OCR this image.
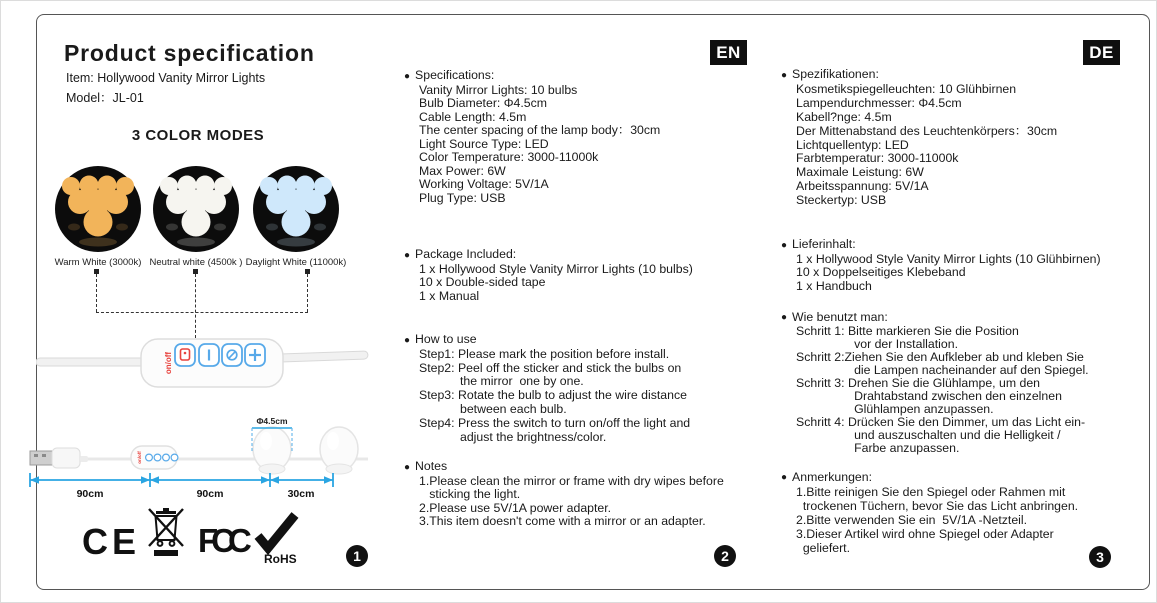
Product specification
Item: Hollywood Vanity Mirror Lights
Model：JL-01
3 COLOR MODES
Warm White (3000k) Neutral white (4500k ) Daylight White (11000k)
on/off
on/off
Φ4.5cm
90cm	90cm	30cm
CE FCC	RoHS	1
EN
● Specifications:
Vanity Mirror Lights: 10 bulbs
Bulb Diameter: Φ4.5cm
Cable Length: 4.5m
The center spacing of the lamp body：30cm
Light Source Type: LED
Color Temperature: 3000-11000k
Max Power: 6W
Working Voltage: 5V/1A
Plug Type: USB
● Package Included:
1 x Hollywood Style Vanity Mirror Lights (10 bulbs)
10 x Double-sided tape
1 x Manual
● How to use
Step1: Please mark the position before install.
Step2: Peel off the sticker and stick the bulbs on
the mirror  one by one.
Step3: Rotate the bulb to adjust the wire distance
between each bulb.
Step4: Press the switch to turn on/off the light and
adjust the brightness/color.
● Notes
1.Please clean the mirror or frame with dry wipes before
sticking the light.
2.Please use 5V/1A power adapter.
3.This item doesn't come with a mirror or an adapter.
2
DE
● Spezifikationen:
Kosmetikspiegelleuchten: 10 Glühbirnen
Lampendurchmesser: Φ4.5cm
Kabell?nge: 4.5m
Der Mittenabstand des Leuchtenkörpers：30cm
Lichtquellentyp: LED
Farbtemperatur: 3000-11000k
Maximale Leistung: 6W
Arbeitsspannung: 5V/1A
Steckertyp: USB
● Lieferinhalt:
1 x Hollywood Style Vanity Mirror Lights (10 Glühbirnen)
10 x Doppelseitiges Klebeband
1 x Handbuch
● Wie benutzt man:
Schritt 1: Bitte markieren Sie die Position
vor der Installation.
Schritt 2:Ziehen Sie den Aufkleber ab und kleben Sie
die Lampen nacheinander auf den Spiegel.
Schritt 3: Drehen Sie die Glühlampe, um den
Drahtabstand zwischen den einzelnen
Glühlampen anzupassen.
Schritt 4: Drücken Sie den Dimmer, um das Licht ein-
und auszuschalten und die Helligkeit /
Farbe anzupassen.
● Anmerkungen:
1.Bitte reinigen Sie den Spiegel oder Rahmen mit
trockenen Tüchern, bevor Sie das Licht anbringen.
2.Bitte verwenden Sie ein  5V/1A -Netzteil.
3.Dieser Artikel wird ohne Spiegel oder Adapter
geliefert.
3
